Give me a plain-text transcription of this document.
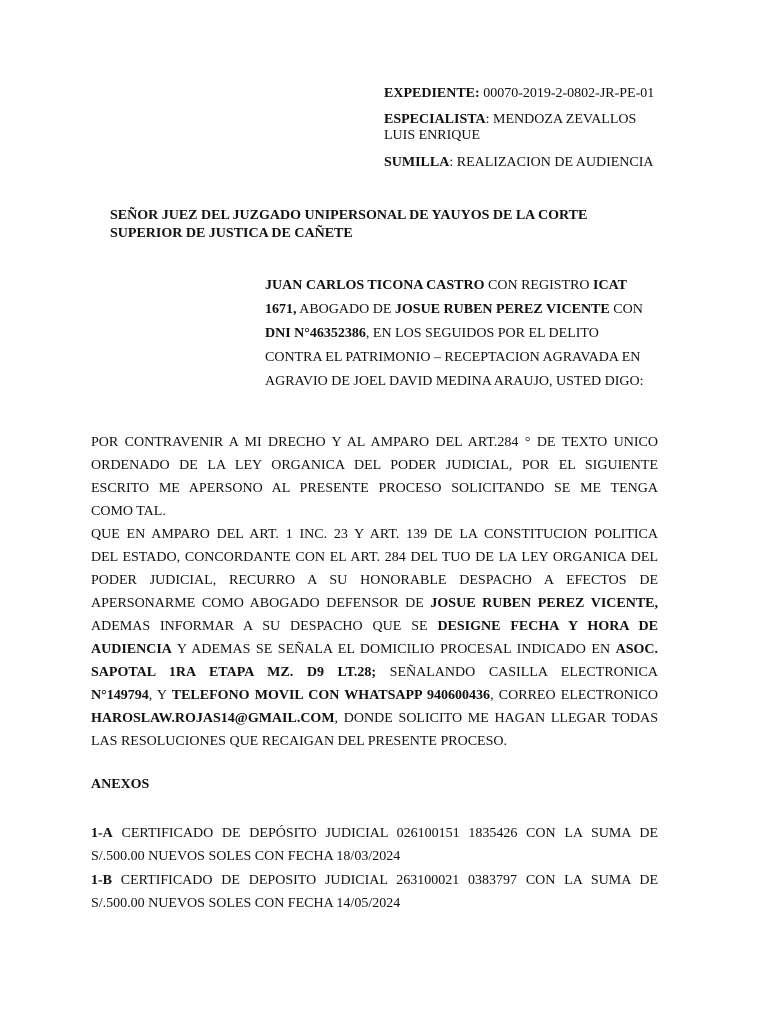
EXPEDIENTE: 00070-2019-2-0802-JR-PE-01
ESPECIALISTA: MENDOZA ZEVALLOS
LUIS ENRIQUE
SUMILLA: REALIZACION DE AUDIENCIA
SEÑOR JUEZ DEL JUZGADO UNIPERSONAL DE YAUYOS DE LA CORTE
SUPERIOR DE JUSTICA DE CAÑETE
JUAN CARLOS TICONA CASTRO CON REGISTRO ICAT
1671, ABOGADO DE JOSUE RUBEN PEREZ VICENTE CON
DNI N°46352386, EN LOS SEGUIDOS POR EL DELITO
CONTRA EL PATRIMONIO – RECEPTACION AGRAVADA EN
AGRAVIO DE JOEL DAVID MEDINA ARAUJO, USTED DIGO:
POR CONTRAVENIR A MI DRECHO Y AL AMPARO DEL ART.284 ° DE TEXTO UNICO
ORDENADO DE LA LEY ORGANICA DEL PODER JUDICIAL, POR EL SIGUIENTE
ESCRITO ME APERSONO AL PRESENTE PROCESO SOLICITANDO SE ME TENGA
COMO TAL.
QUE EN AMPARO DEL ART. 1 INC. 23 Y ART. 139 DE LA CONSTITUCION POLITICA
DEL ESTADO, CONCORDANTE CON EL ART. 284 DEL TUO DE LA LEY ORGANICA DEL
PODER JUDICIAL, RECURRO A SU HONORABLE DESPACHO A EFECTOS DE
APERSONARME COMO ABOGADO DEFENSOR DE JOSUE RUBEN PEREZ VICENTE,
ADEMAS INFORMAR A SU DESPACHO QUE SE DESIGNE FECHA Y HORA DE
AUDIENCIA Y ADEMAS SE SEÑALA EL DOMICILIO PROCESAL INDICADO EN ASOC.
SAPOTAL 1RA ETAPA MZ. D9 LT.28; SEÑALANDO CASILLA ELECTRONICA
N°149794, Y TELEFONO MOVIL CON WHATSAPP 940600436, CORREO ELECTRONICO
HAROSLAW.ROJAS14@GMAIL.COM, DONDE SOLICITO ME HAGAN LLEGAR TODAS
LAS RESOLUCIONES QUE RECAIGAN DEL PRESENTE PROCESO.
ANEXOS
1-A CERTIFICADO DE DEPÓSITO JUDICIAL 026100151 1835426 CON LA SUMA DE
S/.500.00 NUEVOS SOLES CON FECHA 18/03/2024
1-B CERTIFICADO DE DEPOSITO JUDICIAL 263100021 0383797 CON LA SUMA DE
S/.500.00 NUEVOS SOLES CON FECHA 14/05/2024
